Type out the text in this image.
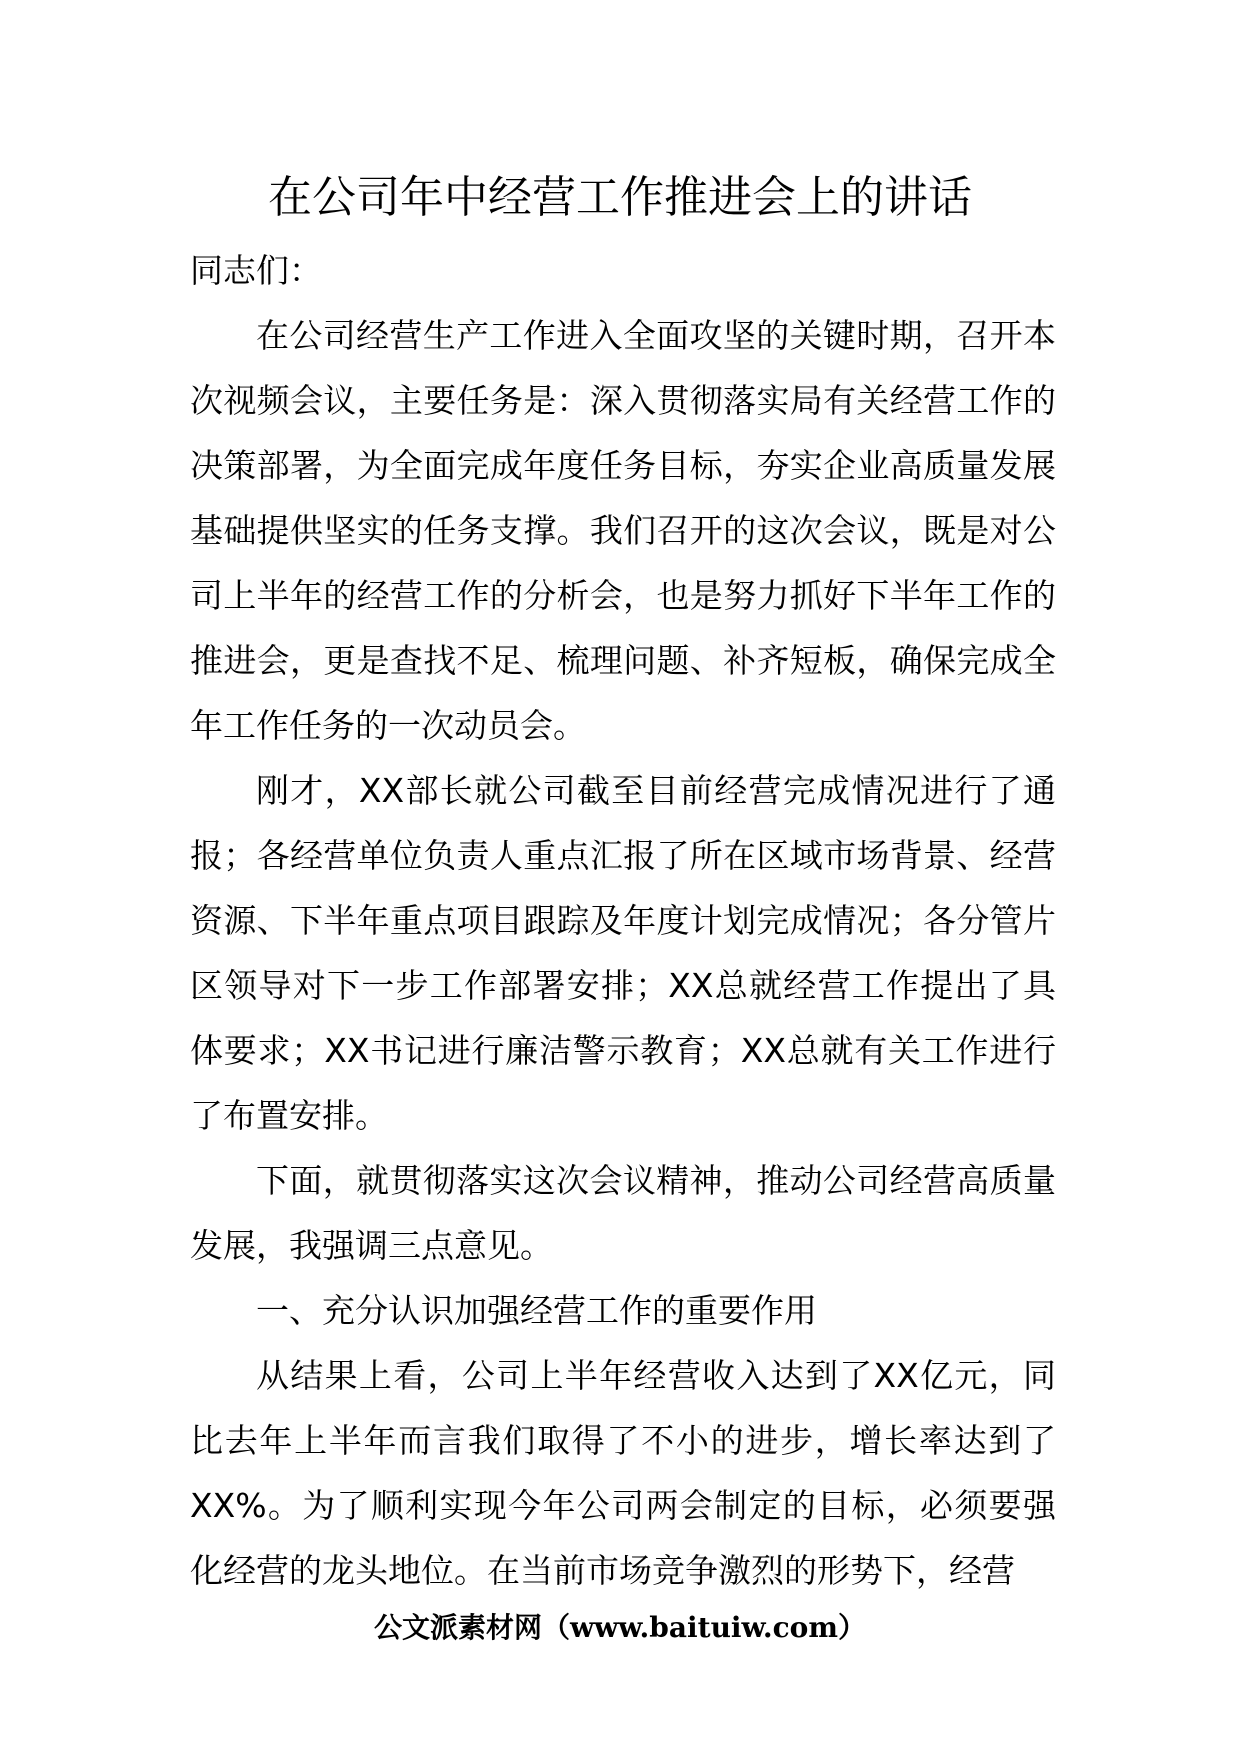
在公司年中经营工作推进会上的讲话

同志们：

在公司经营生产工作进入全面攻坚的关键时期，召开本次视频会议，主要任务是：深入贯彻落实局有关经营工作的决策部署，为全面完成年度任务目标，夯实企业高质量发展基础提供坚实的任务支撑。我们召开的这次会议，既是对公司上半年的经营工作的分析会，也是努力抓好下半年工作的推进会，更是查找不足、梳理问题、补齐短板，确保完成全年工作任务的一次动员会。

刚才，XX部长就公司截至目前经营完成情况进行了通报；各经营单位负责人重点汇报了所在区域市场背景、经营资源、下半年重点项目跟踪及年度计划完成情况；各分管片区领导对下一步工作部署安排；XX总就经营工作提出了具体要求；XX书记进行廉洁警示教育；XX总就有关工作进行了布置安排。

下面，就贯彻落实这次会议精神，推动公司经营高质量发展，我强调三点意见。

一、充分认识加强经营工作的重要作用

从结果上看，公司上半年经营收入达到了XX亿元，同比去年上半年而言我们取得了不小的进步，增长率达到了XX%。为了顺利实现今年公司两会制定的目标，必须要强化经营的龙头地位。在当前市场竞争激烈的形势下，经营

公文派素材网（www.baituiw.com）
